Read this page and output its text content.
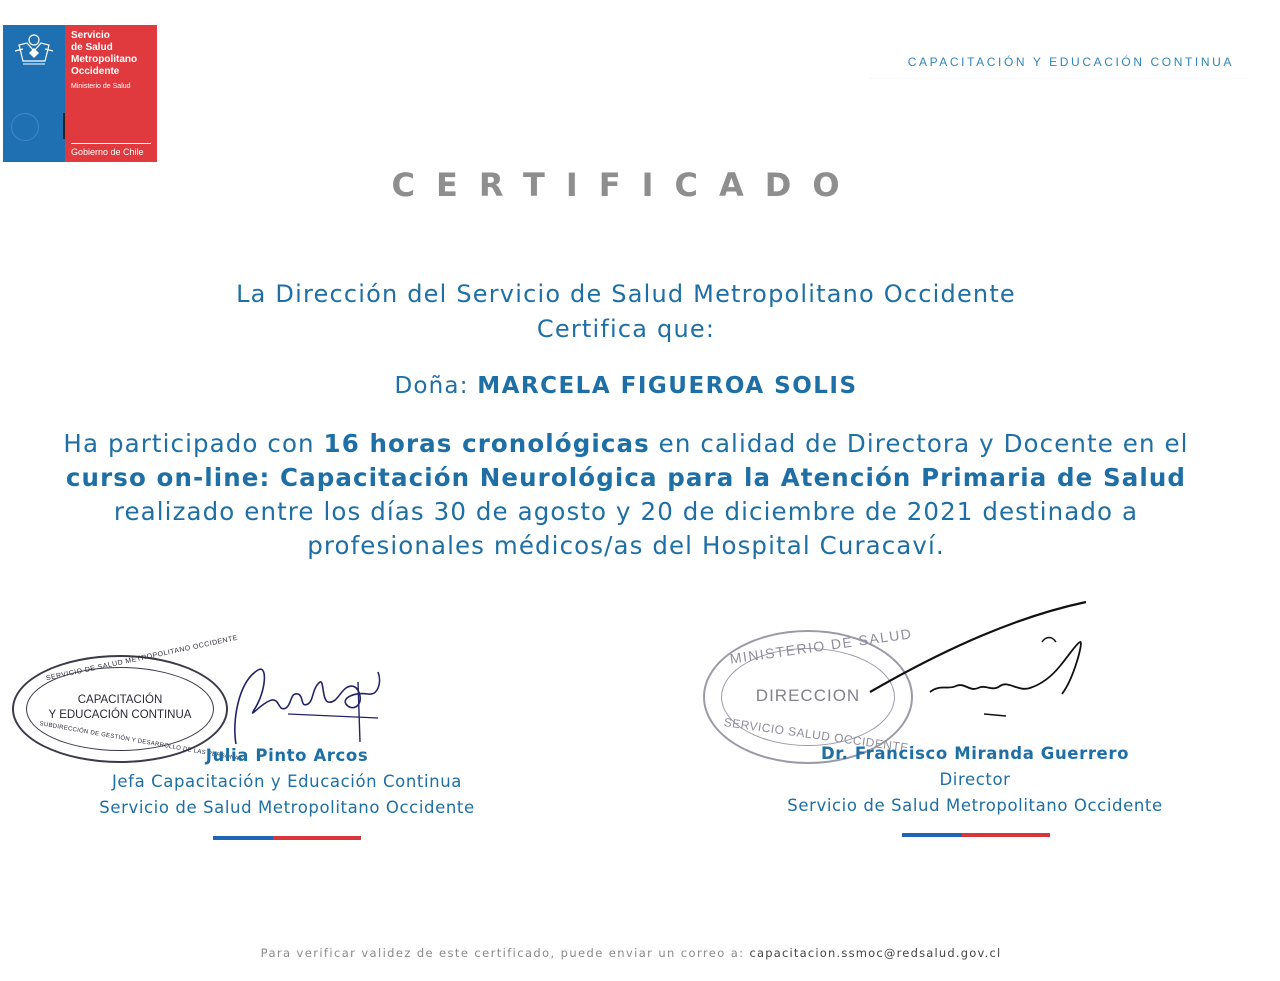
Servicio
de Salud
Metropolitano
Occidente
Ministerio de Salud
Gobierno de Chile
CAPACITACIÓN Y EDUCACIÓN CONTINUA
CERTIFICADO
La Dirección del Servicio de Salud Metropolitano Occidente
Certifica que:
Doña: MARCELA FIGUEROA SOLIS
Ha participado con 16 horas cronológicas en calidad de Directora y Docente en el
curso on-line: Capacitación Neurológica para la Atención Primaria de Salud
realizado entre los días 30 de agosto y 20 de diciembre de 2021 destinado a
profesionales médicos/as del Hospital Curacaví.
SERVICIO DE SALUD METROPOLITANO OCCIDENTE
CAPACITACIÓN
Y EDUCACIÓN CONTINUA
SUBDIRECCIÓN DE GESTIÓN Y DESARROLLO DE LAS PERSONAS
MINISTERIO DE SALUD
DIRECCION
SERVICIO SALUD OCCIDENTE
Julia Pinto Arcos
Jefa Capacitación y Educación Continua
Servicio de Salud Metropolitano Occidente
Dr. Francisco Miranda Guerrero
Director
Servicio de Salud Metropolitano Occidente
Para verificar validez de este certificado, puede enviar un correo a: capacitacion.ssmoc@redsalud.gov.cl
